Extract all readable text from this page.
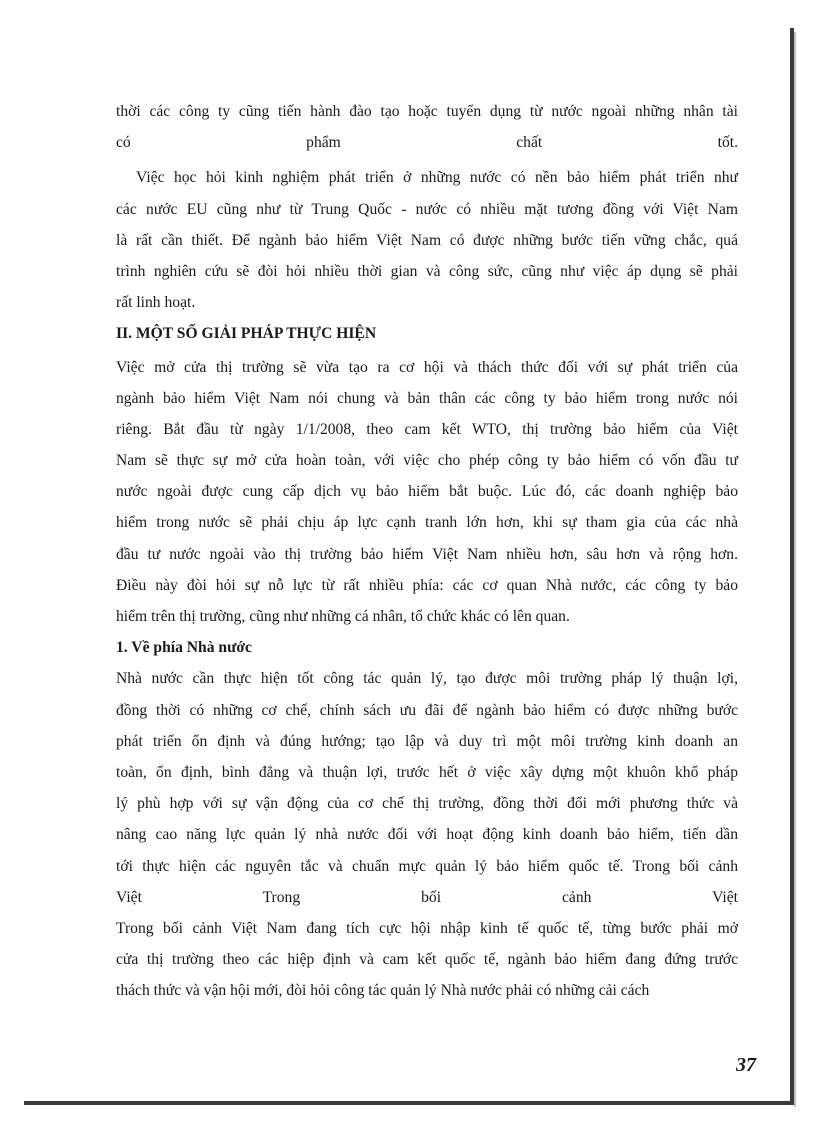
thời các công ty cũng tiến hành đào tạo hoặc tuyển dụng từ nước ngoài những nhân tài
có phẩm chất tốt.
Việc học hỏi kinh nghiệm phát triển ở những nước có nền bảo hiểm phát triển như
các nước EU cũng như từ Trung Quốc - nước có nhiều mặt tương đồng với Việt Nam
là rất cần thiết. Để ngành bảo hiểm Việt Nam có được những bước tiến vững chắc, quá
trình nghiên cứu sẽ đòi hỏi nhiều thời gian và công sức, cũng như việc áp dụng sẽ phải
rất linh hoạt.
II. MỘT SỐ GIẢI PHÁP THỰC HIỆN
Việc mở cửa thị trường sẽ vừa tạo ra cơ hội và thách thức đối với sự phát triển của
ngành bảo hiểm Việt Nam nói chung và bản thân các công ty bảo hiểm trong nước nói
riêng. Bắt đầu từ ngày 1/1/2008, theo cam kết WTO, thị trường bảo hiểm của Việt
Nam sẽ thực sự mở cửa hoàn toàn, với việc cho phép công ty bảo hiểm có vốn đầu tư
nước ngoài được cung cấp dịch vụ bảo hiểm bắt buộc. Lúc đó, các doanh nghiệp bảo
hiểm trong nước sẽ phải chịu áp lực cạnh tranh lớn hơn, khi sự tham gia của các nhà
đầu tư nước ngoài vào thị trường bảo hiểm Việt Nam nhiều hơn, sâu hơn và rộng hơn.
Điều này đòi hỏi sự nỗ lực từ rất nhiều phía: các cơ quan Nhà nước, các công ty bảo
hiểm trên thị trường, cũng như những cá nhân, tổ chức khác có lên quan.
1. Về phía Nhà nước
Nhà nước cần thực hiện tốt công tác quản lý, tạo được môi trường pháp lý thuận lợi,
đồng thời có những cơ chế, chính sách ưu đãi để ngành bảo hiểm có được những bước
phát triển ổn định và đúng hướng; tạo lập và duy trì một môi trường kinh doanh an
toàn, ổn định, bình đẳng và thuận lợi, trước hết ở việc xây dựng một khuôn khổ pháp
lý phù hợp với sự vận động của cơ chế thị trường, đồng thời đổi mới phương thức và
nâng cao năng lực quản lý nhà nước đối với hoạt động kinh doanh bảo hiểm, tiến dần
tới thực hiện các nguyên tắc và chuẩn mực quản lý bảo hiểm quốc tế. Trong bối cảnh
Việt Trong bối cảnh Việt
Trong bối cảnh Việt Nam đang tích cực hội nhập kinh tế quốc tế, từng bước phải mở
cửa thị trường theo các hiệp định và cam kết quốc tế, ngành bảo hiểm đang đứng trước
thách thức và vận hội mới, đòi hỏi công tác quản lý Nhà nước phải có những cải cách
37
